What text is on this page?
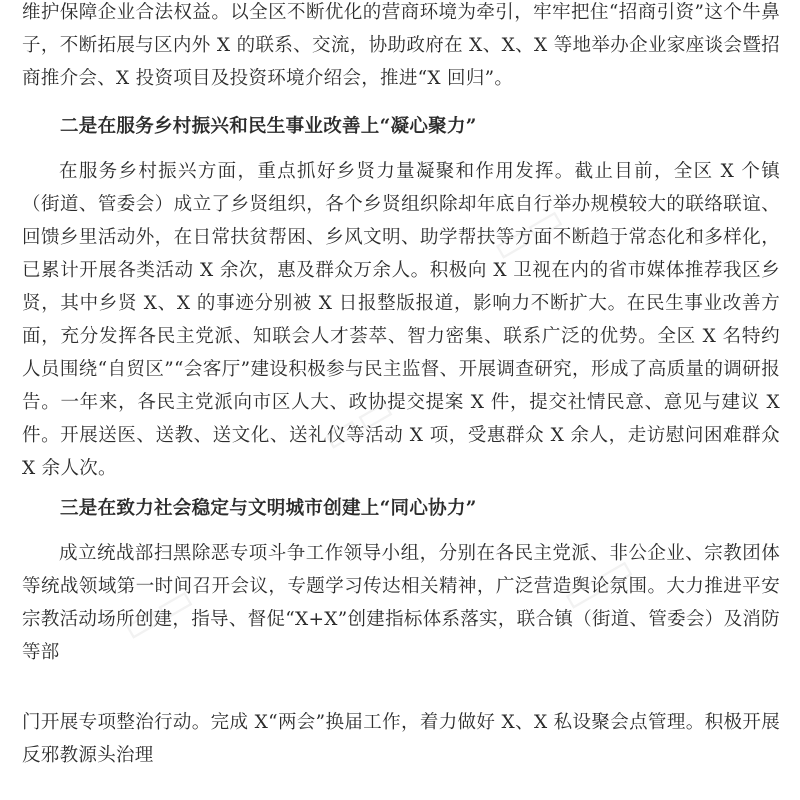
▭▭
▭▭
▭▭
▭▭

维护保障企业合法权益。以全区不断优化的营商环境为牵引，牢牢把住“招商引资”这个牛鼻子，不断拓展与区内外 X 的联系、交流，协助政府在 X、X、X 等地举办企业家座谈会暨招商推介会、X 投资项目及投资环境介绍会，推进“X 回归”。

二是在服务乡村振兴和民生事业改善上“凝心聚力”

在服务乡村振兴方面，重点抓好乡贤力量凝聚和作用发挥。截止目前，全区 X 个镇（街道、管委会）成立了乡贤组织，各个乡贤组织除却年底自行举办规模较大的联络联谊、回馈乡里活动外，在日常扶贫帮困、乡风文明、助学帮扶等方面不断趋于常态化和多样化，已累计开展各类活动 X 余次，惠及群众万余人。积极向 X 卫视在内的省市媒体推荐我区乡贤，其中乡贤 X、X 的事迹分别被 X 日报整版报道，影响力不断扩大。在民生事业改善方面，充分发挥各民主党派、知联会人才荟萃、智力密集、联系广泛的优势。全区 X 名特约人员围绕“自贸区”“会客厅”建设积极参与民主监督、开展调查研究，形成了高质量的调研报告。一年来，各民主党派向市区人大、政协提交提案 X 件，提交社情民意、意见与建议 X 件。开展送医、送教、送文化、送礼仪等活动 X 项，受惠群众 X 余人，走访慰问困难群众 X 余人次。

三是在致力社会稳定与文明城市创建上“同心协力”

成立统战部扫黑除恶专项斗争工作领导小组，分别在各民主党派、非公企业、宗教团体等统战领域第一时间召开会议，专题学习传达相关精神，广泛营造舆论氛围。大力推进平安宗教活动场所创建，指导、督促“X+X”创建指标体系落实，联合镇（街道、管委会）及消防等部

门开展专项整治行动。完成 X“两会”换届工作，着力做好 X、X 私设聚会点管理。积极开展反邪教源头治理
